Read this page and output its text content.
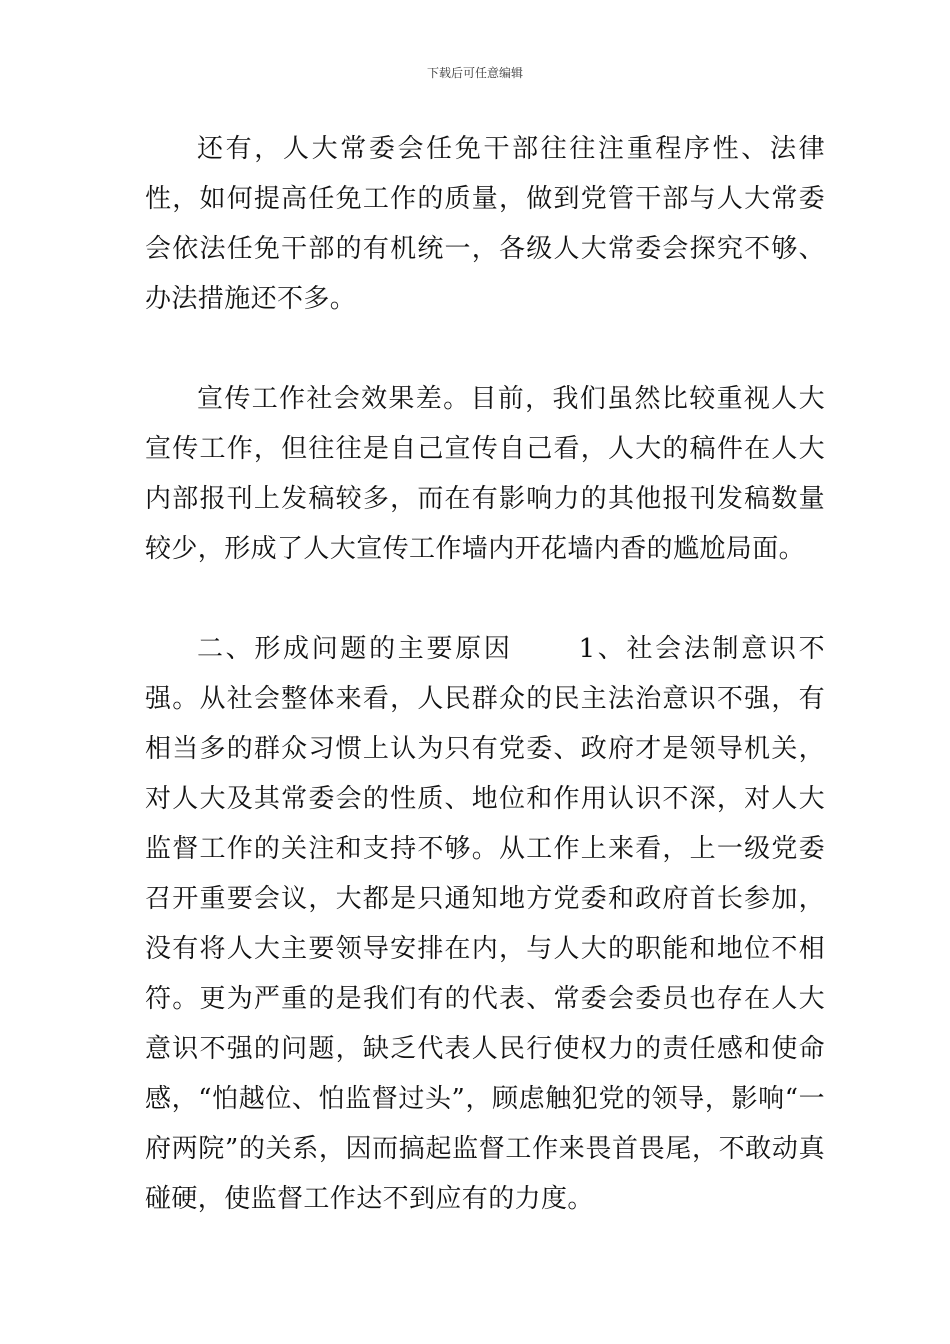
下载后可任意编辑

还有，人大常委会任免干部往往注重程序性、法律性，如何提高任免工作的质量，做到党管干部与人大常委会依法任免干部的有机统一，各级人大常委会探究不够、办法措施还不多。

宣传工作社会效果差。目前，我们虽然比较重视人大宣传工作，但往往是自己宣传自己看，人大的稿件在人大内部报刊上发稿较多，而在有影响力的其他报刊发稿数量较少，形成了人大宣传工作墙内开花墙内香的尴尬局面。

二、形成问题的主要原因	1、社会法制意识不强。从社会整体来看，人民群众的民主法治意识不强，有相当多的群众习惯上认为只有党委、政府才是领导机关，对人大及其常委会的性质、地位和作用认识不深，对人大监督工作的关注和支持不够。从工作上来看，上一级党委召开重要会议，大都是只通知地方党委和政府首长参加，没有将人大主要领导安排在内，与人大的职能和地位不相符。更为严重的是我们有的代表、常委会委员也存在人大意识不强的问题，缺乏代表人民行使权力的责任感和使命感，“怕越位、怕监督过头”，顾虑触犯党的领导，影响“一府两院”的关系，因而搞起监督工作来畏首畏尾，不敢动真碰硬，使监督工作达不到应有的力度。
